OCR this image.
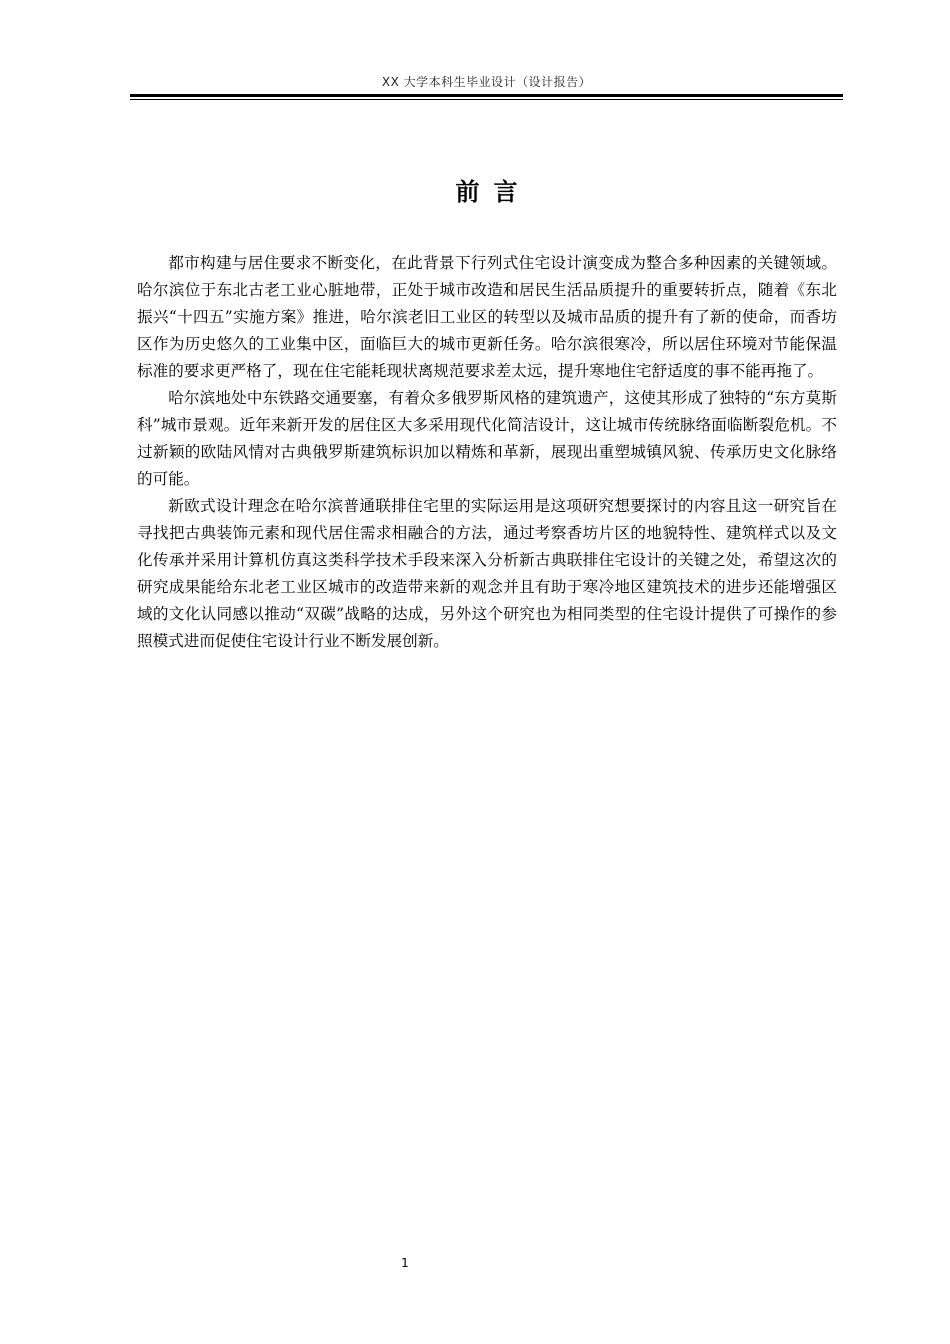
XX 大学本科生毕业设计（设计报告）
前言

都市构建与居住要求不断变化，在此背景下行列式住宅设计演变成为整合多种因素的关键领域。哈尔滨位于东北古老工业心脏地带，正处于城市改造和居民生活品质提升的重要转折点，随着《东北振兴“十四五”实施方案》推进，哈尔滨老旧工业区的转型以及城市品质的提升有了新的使命，而香坊区作为历史悠久的工业集中区，面临巨大的城市更新任务。哈尔滨很寒冷，所以居住环境对节能保温标准的要求更严格了，现在住宅能耗现状离规范要求差太远，提升寒地住宅舒适度的事不能再拖了。

哈尔滨地处中东铁路交通要塞，有着众多俄罗斯风格的建筑遗产，这使其形成了独特的“东方莫斯科”城市景观。近年来新开发的居住区大多采用现代化简洁设计，这让城市传统脉络面临断裂危机。不过新颖的欧陆风情对古典俄罗斯建筑标识加以精炼和革新，展现出重塑城镇风貌、传承历史文化脉络的可能。

新欧式设计理念在哈尔滨普通联排住宅里的实际运用是这项研究想要探讨的内容且这一研究旨在寻找把古典装饰元素和现代居住需求相融合的方法，通过考察香坊片区的地貌特性、建筑样式以及文化传承并采用计算机仿真这类科学技术手段来深入分析新古典联排住宅设计的关键之处，希望这次的研究成果能给东北老工业区城市的改造带来新的观念并且有助于寒冷地区建筑技术的进步还能增强区域的文化认同感以推动“双碳”战略的达成，另外这个研究也为相同类型的住宅设计提供了可操作的参照模式进而促使住宅设计行业不断发展创新。

1
